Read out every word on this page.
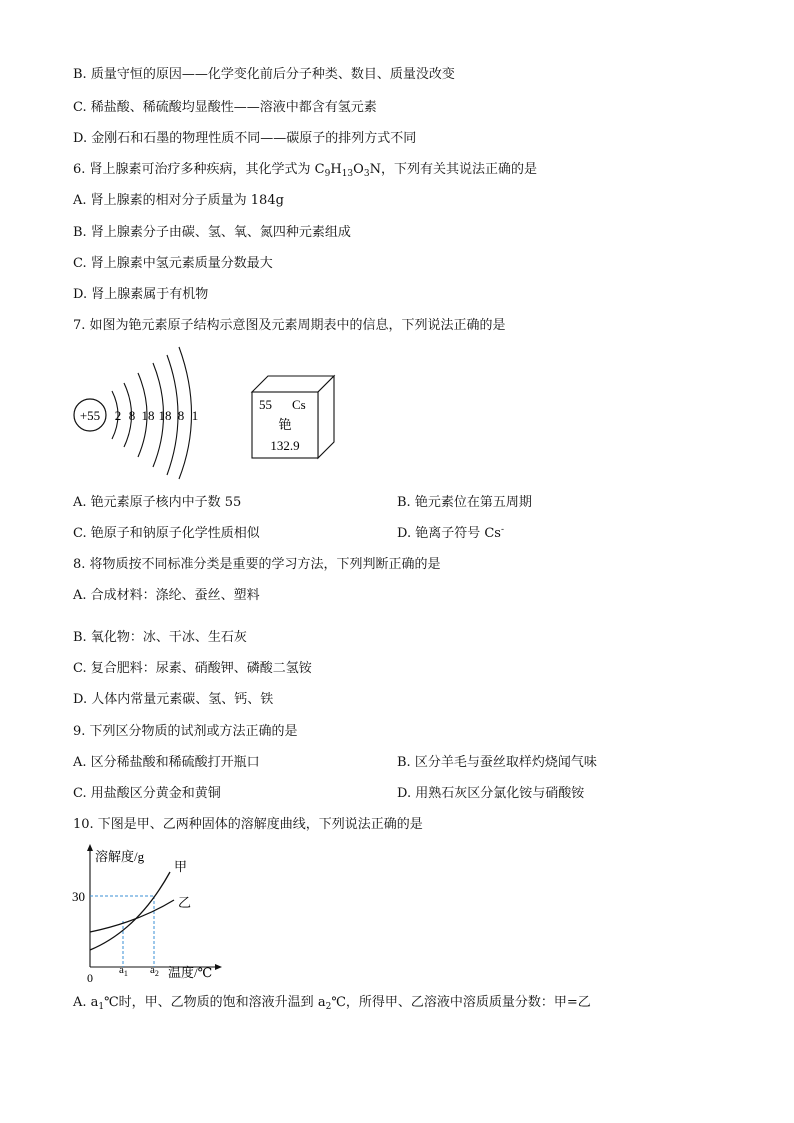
B. 质量守恒的原因——化学变化前后分子种类、数目、质量没改变
C. 稀盐酸、稀硫酸均显酸性——溶液中都含有氢元素
D. 金刚石和石墨的物理性质不同——碳原子的排列方式不同
6. 肾上腺素可治疗多种疾病，其化学式为 $C_9H_{13}O_3N$，下列有关其说法正确的是
A. 肾上腺素的相对分子质量为 184g
B. 肾上腺素分子由碳、氢、氧、氮四种元素组成
C. 肾上腺素中氢元素质量分数最大
D. 肾上腺素属于有机物
7. 如图为铯元素原子结构示意图及元素周期表中的信息，下列说法正确的是
+55 2 8 18 18 8 1
55 Cs
铯
132.9
A. 铯元素原子核内中子数 55	B. 铯元素位在第五周期
C. 铯原子和钠原子化学性质相似	D. 铯离子符号 Cs-
8. 将物质按不同标准分类是重要的学习方法，下列判断正确的是
A. 合成材料：涤纶、蚕丝、塑料
B. 氧化物：冰、干冰、生石灰
C. 复合肥料：尿素、硝酸钾、磷酸二氢铵
D. 人体内常量元素碳、氢、钙、铁
9. 下列区分物质的试剂或方法正确的是
A. 区分稀盐酸和稀硫酸打开瓶口	B. 区分羊毛与蚕丝取样灼烧闻气味
C. 用盐酸区分黄金和黄铜	D. 用熟石灰区分氯化铵与硝酸铵
10. 下图是甲、乙两种固体的溶解度曲线，下列说法正确的是
溶解度/g
30
0
甲
乙
$a_1$ $a_2$ 温度/℃
A. $a_1℃$时，甲、乙物质的饱和溶液升温到 $a_2℃$，所得甲、乙溶液中溶质质量分数：甲=乙
